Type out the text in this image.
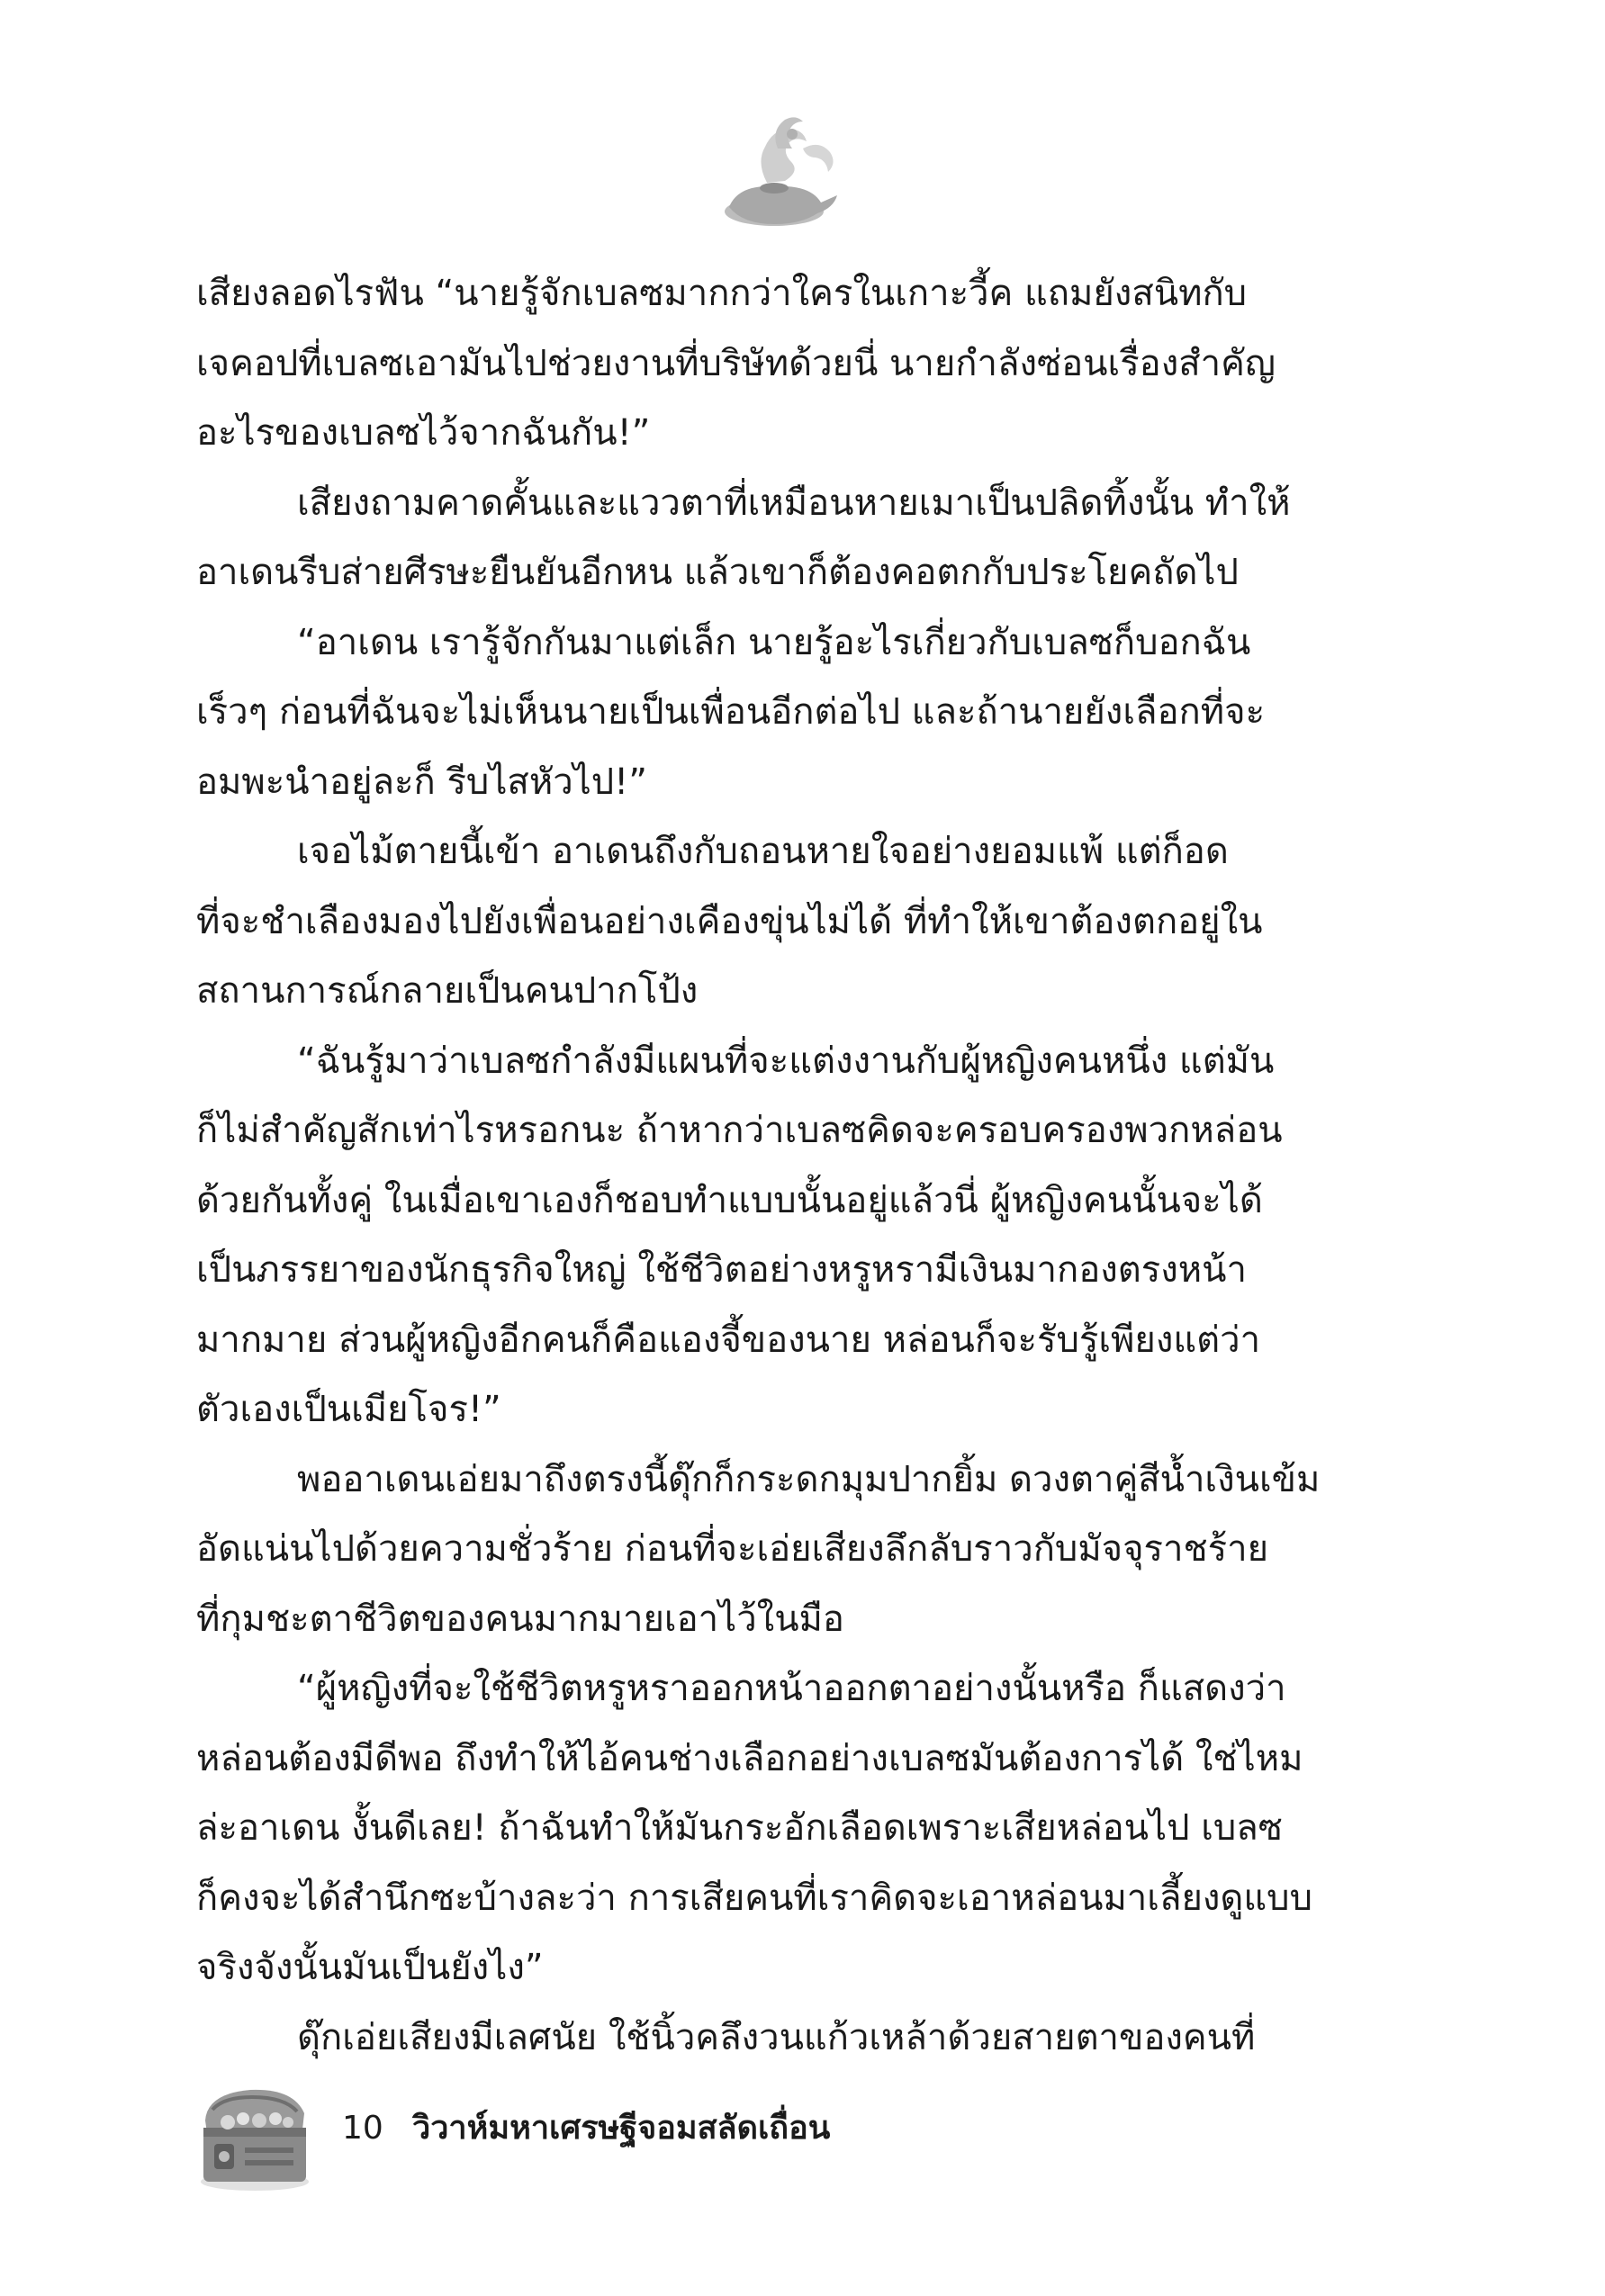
เสียงลอดไรฟัน “นายรู้จักเบลซมากกว่าใครในเกาะวี้ค แถมยังสนิทกับ
เจคอปที่เบลซเอามันไปช่วยงานที่บริษัทด้วยนี่ นายกำลังซ่อนเรื่องสำคัญ
อะไรของเบลซไว้จากฉันกัน!”
เสียงถามคาดคั้นและแววตาที่เหมือนหายเมาเป็นปลิดทิ้งนั้น ทำให้
อาเดนรีบส่ายศีรษะยืนยันอีกหน แล้วเขาก็ต้องคอตกกับประโยคถัดไป
“อาเดน เรารู้จักกันมาแต่เล็ก นายรู้อะไรเกี่ยวกับเบลซก็บอกฉัน
เร็วๆ ก่อนที่ฉันจะไม่เห็นนายเป็นเพื่อนอีกต่อไป และถ้านายยังเลือกที่จะ
อมพะนำอยู่ละก็ รีบไสหัวไป!”
เจอไม้ตายนี้เข้า อาเดนถึงกับถอนหายใจอย่างยอมแพ้ แต่ก็อด
ที่จะชำเลืองมองไปยังเพื่อนอย่างเคืองขุ่นไม่ได้ ที่ทำให้เขาต้องตกอยู่ใน
สถานการณ์กลายเป็นคนปากโป้ง
“ฉันรู้มาว่าเบลซกำลังมีแผนที่จะแต่งงานกับผู้หญิงคนหนึ่ง แต่มัน
ก็ไม่สำคัญสักเท่าไรหรอกนะ ถ้าหากว่าเบลซคิดจะครอบครองพวกหล่อน
ด้วยกันทั้งคู่ ในเมื่อเขาเองก็ชอบทำแบบนั้นอยู่แล้วนี่ ผู้หญิงคนนั้นจะได้
เป็นภรรยาของนักธุรกิจใหญ่ ใช้ชีวิตอย่างหรูหรามีเงินมากองตรงหน้า
มากมาย ส่วนผู้หญิงอีกคนก็คือแองจี้ของนาย หล่อนก็จะรับรู้เพียงแต่ว่า
ตัวเองเป็นเมียโจร!”
พออาเดนเอ่ยมาถึงตรงนี้ดุ๊กก็กระดกมุมปากยิ้ม ดวงตาคู่สีน้ำเงินเข้ม
อัดแน่นไปด้วยความชั่วร้าย ก่อนที่จะเอ่ยเสียงลึกลับราวกับมัจจุราชร้าย
ที่กุมชะตาชีวิตของคนมากมายเอาไว้ในมือ
“ผู้หญิงที่จะใช้ชีวิตหรูหราออกหน้าออกตาอย่างนั้นหรือ ก็แสดงว่า
หล่อนต้องมีดีพอ ถึงทำให้ไอ้คนช่างเลือกอย่างเบลซมันต้องการได้ ใช่ไหม
ล่ะอาเดน งั้นดีเลย! ถ้าฉันทำให้มันกระอักเลือดเพราะเสียหล่อนไป เบลซ
ก็คงจะได้สำนึกซะบ้างละว่า การเสียคนที่เราคิดจะเอาหล่อนมาเลี้ยงดูแบบ
จริงจังนั้นมันเป็นยังไง”
ดุ๊กเอ่ยเสียงมีเลศนัย ใช้นิ้วคลึงวนแก้วเหล้าด้วยสายตาของคนที่
10 วิวาห์มหาเศรษฐีจอมสลัดเถื่อน
